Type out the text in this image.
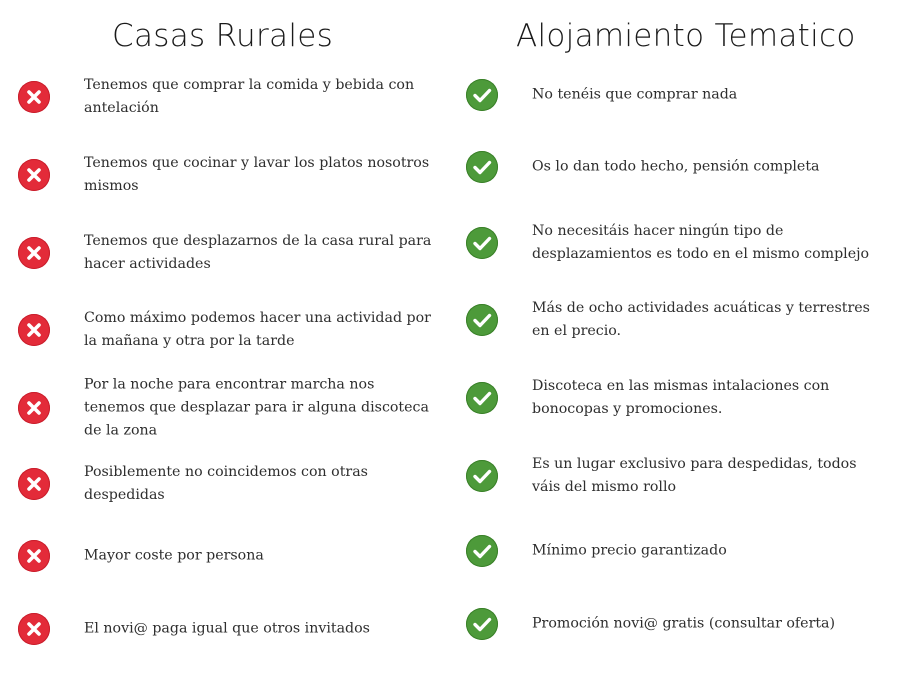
Casas Rurales
Tenemos que comprar la comida y bebida con antelación
Tenemos que cocinar y lavar los platos nosotros mismos
Tenemos que desplazarnos de la casa rural para hacer actividades
Como máximo podemos hacer una actividad por la mañana y otra por la tarde
Por la noche para encontrar marcha nos tenemos que desplazar para ir alguna discoteca de la zona
Posiblemente no coincidemos con otras despedidas
Mayor coste por persona
El novi@ paga igual que otros invitados
Alojamiento Tematico
No tenéis que comprar nada
Os lo dan todo hecho, pensión completa
No necesitáis hacer ningún tipo de desplazamientos es todo en el mismo complejo
Más de ocho actividades acuáticas y terrestres en el precio.
Discoteca en las mismas intalaciones con bonocopas y promociones.
Es un lugar exclusivo para despedidas, todos váis del mismo rollo
Mínimo precio garantizado
Promoción novi@ gratis (consultar oferta)
